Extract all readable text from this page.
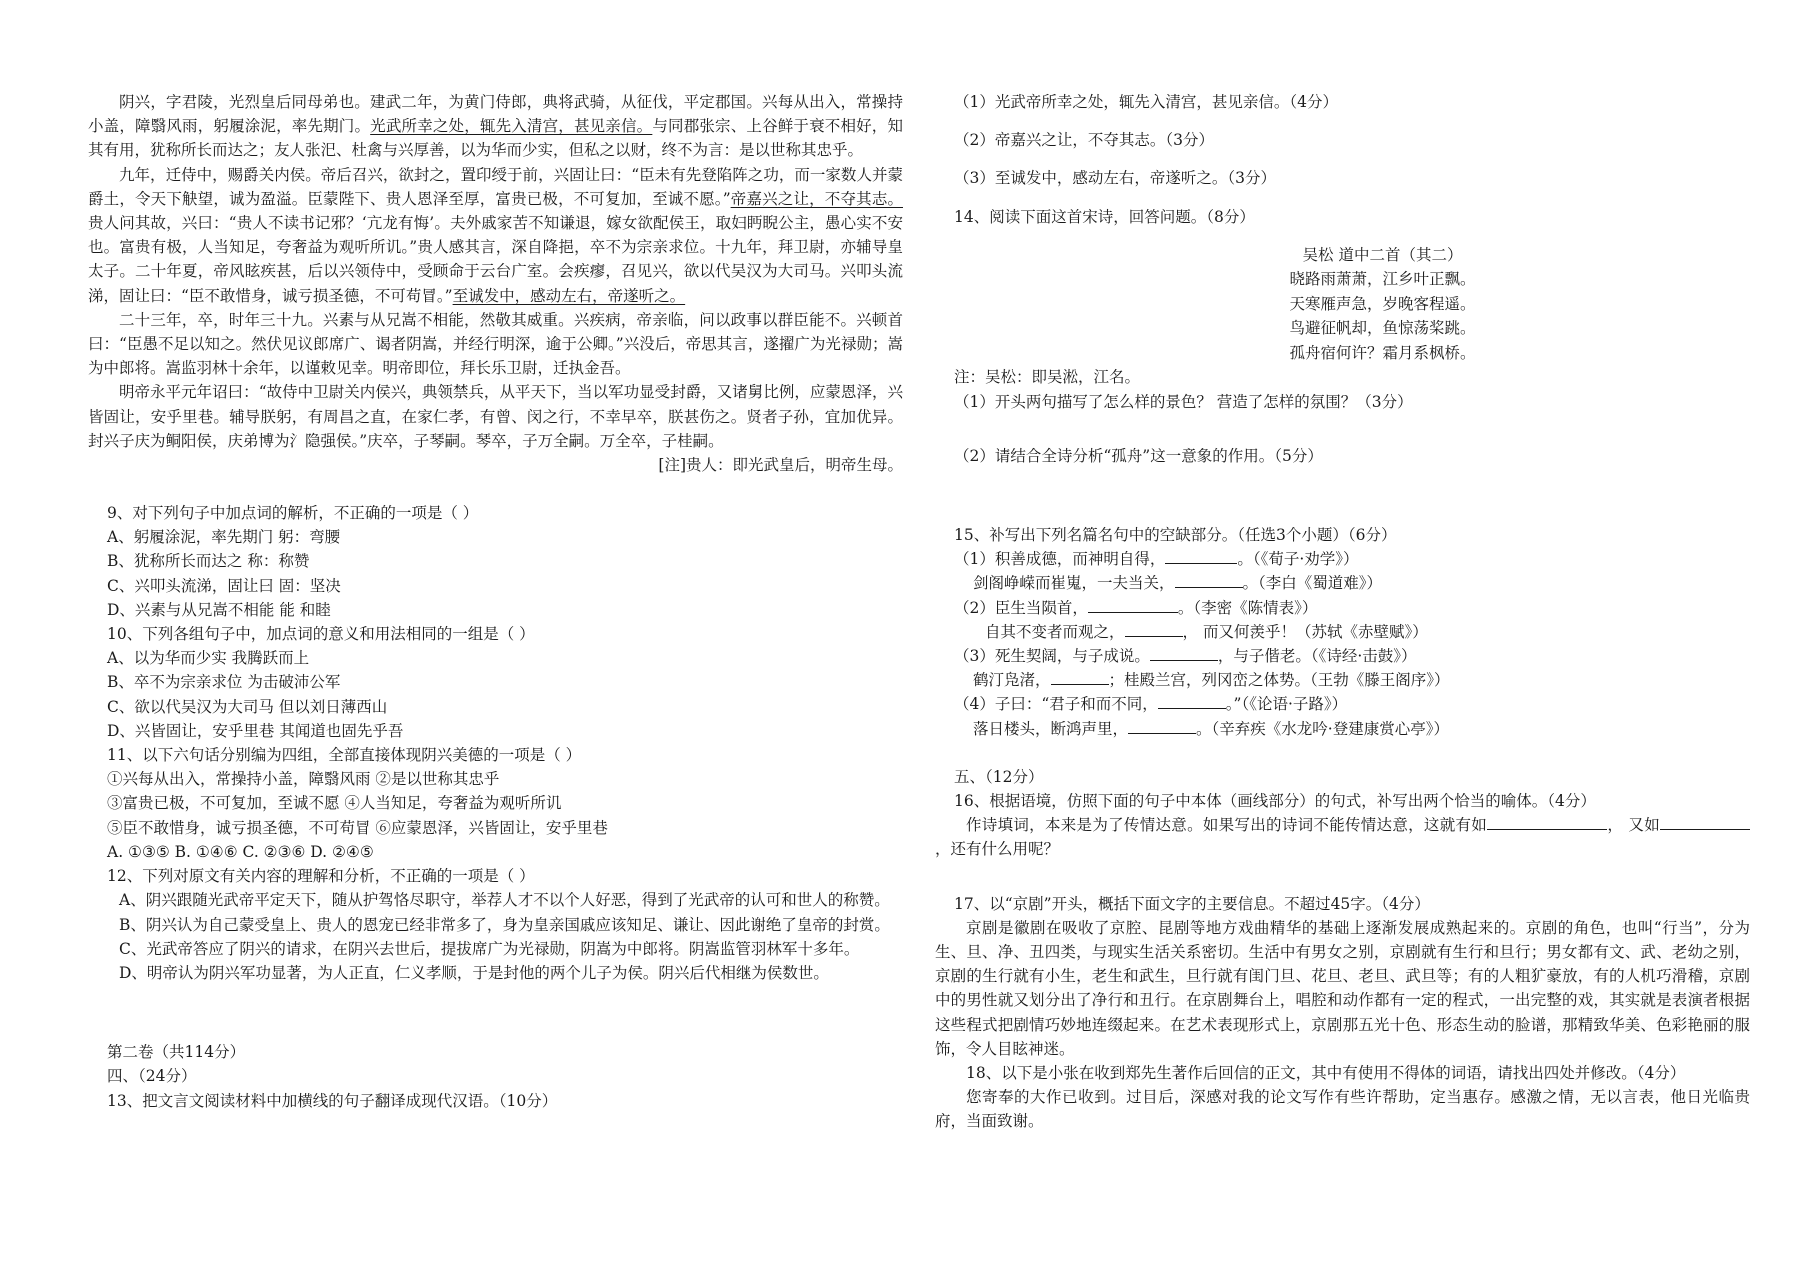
阴兴，字君陵，光烈皇后同母弟也。建武二年，为黄门侍郎，典将武骑，从征伐，平定郡国。兴每从出入，常操持小盖，障翳风雨，躬履涂泥，率先期门。光武所幸之处，辄先入清宫，甚见亲信。与同郡张宗、上谷鲜于衰不相好，知其有用，犹称所长而达之；友人张汜、杜禽与兴厚善，以为华而少实，但私之以财，终不为言：是以世称其忠乎。

九年，迁侍中，赐爵关内侯。帝后召兴，欲封之，置印绶于前，兴固让曰：“臣未有先登陷阵之功，而一家数人并蒙爵土，令天下觖望，诚为盈溢。臣蒙陛下、贵人恩泽至厚，富贵已极，不可复加，至诚不愿。”帝嘉兴之让，不夺其志。贵人问其故，兴曰：“贵人不读书记邪？‘亢龙有悔’。夫外戚家苦不知谦退，嫁女欲配侯王，取妇眄睨公主，愚心实不安也。富贵有极，人当知足，夸奢益为观听所讥。”贵人感其言，深自降挹，卒不为宗亲求位。十九年，拜卫尉，亦辅导皇太子。二十年夏，帝风眩疾甚，后以兴领侍中，受顾命于云台广室。会疾瘳，召见兴，欲以代吴汉为大司马。兴叩头流涕，固让曰：“臣不敢惜身，诚亏损圣德，不可苟冒。”至诚发中，感动左右，帝遂听之。

二十三年，卒，时年三十九。兴素与从兄嵩不相能，然敬其威重。兴疾病，帝亲临，问以政事以群臣能不。兴顿首曰：“臣愚不足以知之。然伏见议郎席广、谒者阴嵩，并经行明深，逾于公卿。”兴没后，帝思其言，遂擢广为光禄勋；嵩为中郎将。嵩监羽林十余年，以谨敕见幸。明帝即位，拜长乐卫尉，迁执金吾。

明帝永平元年诏曰：“故侍中卫尉关内侯兴，典领禁兵，从平天下，当以军功显受封爵，又诸舅比例，应蒙恩泽，兴皆固让，安乎里巷。辅导朕躬，有周昌之直，在家仁孝，有曾、闵之行，不幸早卒，朕甚伤之。贤者子孙，宜加优异。封兴子庆为鲖阳侯，庆弟博为氵隐强侯。”庆卒，子琴嗣。琴卒，子万全嗣。万全卒，子桂嗣。

[注]贵人：即光武皇后，明帝生母。

9、对下列句子中加点词的解析，不正确的一项是（ ）

A、躬履涂泥，率先期门 躬：弯腰

B、犹称所长而达之 称：称赞

C、兴叩头流涕，固让曰 固：坚决

D、兴素与从兄嵩不相能 能 和睦

10、下列各组句子中，加点词的意义和用法相同的一组是（ ）

A、以为华而少实 我腾跃而上

B、卒不为宗亲求位 为击破沛公军

C、欲以代吴汉为大司马 但以刘日薄西山

D、兴皆固让，安乎里巷 其闻道也固先乎吾

11、以下六句话分别编为四组，全部直接体现阴兴美德的一项是（ ）

①兴每从出入，常操持小盖，障翳风雨 ②是以世称其忠乎

③富贵已极，不可复加，至诚不愿 ④人当知足，夸奢益为观听所讥

⑤臣不敢惜身，诚亏损圣德，不可苟冒 ⑥应蒙恩泽，兴皆固让，安乎里巷

A. ①③⑤ B. ①④⑥ C. ②③⑥ D. ②④⑤

12、下列对原文有关内容的理解和分析，不正确的一项是（ ）

A、阴兴跟随光武帝平定天下，随从护驾恪尽职守，举荐人才不以个人好恶，得到了光武帝的认可和世人的称赞。

B、阴兴认为自己蒙受皇上、贵人的恩宠已经非常多了，身为皇亲国戚应该知足、谦让、因此谢绝了皇帝的封赏。

C、光武帝答应了阴兴的请求，在阴兴去世后，提拔席广为光禄勋，阴嵩为中郎将。阴嵩监管羽林军十多年。

D、明帝认为阴兴军功显著，为人正直，仁义孝顺，于是封他的两个儿子为侯。阴兴后代相继为侯数世。

第二卷（共114分）

四、（24分）

13、把文言文阅读材料中加横线的句子翻译成现代汉语。（10分）

（1）光武帝所幸之处，辄先入清宫，甚见亲信。（4分）

（2）帝嘉兴之让，不夺其志。（3分）

（3）至诚发中，感动左右，帝遂听之。（3分）

14、阅读下面这首宋诗，回答问题。（8分）

吴松 道中二首（其二）

晓路雨萧萧，江乡叶正飘。

天寒雁声急，岁晚客程遥。

鸟避征帆却，鱼惊荡桨跳。

孤舟宿何许？霜月系枫桥。

注：吴松：即吴淞，江名。

（1）开头两句描写了怎么样的景色？ 营造了怎样的氛围？（3分）

（2）请结合全诗分析“孤舟”这一意象的作用。（5分）

15、补写出下列名篇名句中的空缺部分。（任选3个小题）（6分）

（1）积善成德，而神明自得，	。（《荀子·劝学》）

剑阁峥嵘而崔嵬，一夫当关，	。（李白《蜀道难》）

（2）臣生当陨首，	。（李密《陈情表》）

自其不变者而观之，	， 而又何羡乎！（苏轼《赤壁赋》）

（3）死生契阔，与子成说。	，与子偕老。（《诗经·击鼓》）

鹤汀凫渚，	；桂殿兰宫，列冈峦之体势。（王勃《滕王阁序》）

（4）子曰：“君子和而不同，	。”（《论语·子路》）

落日楼头，断鸿声里，	。（辛弃疾《水龙吟·登建康赏心亭》）

五、（12分）

16、根据语境，仿照下面的句子中本体（画线部分）的句式，补写出两个恰当的喻体。（4分）

作诗填词，本来是为了传情达意。如果写出的诗词不能传情达意，这就有如	， 又如，还有什么用呢？

17、以“京剧”开头，概括下面文字的主要信息。不超过45字。（4分）

京剧是徽剧在吸收了京腔、昆剧等地方戏曲精华的基础上逐渐发展成熟起来的。京剧的角色，也叫“行当”，分为生、旦、净、丑四类，与现实生活关系密切。生活中有男女之别，京剧就有生行和旦行；男女都有文、武、老幼之别，京剧的生行就有小生，老生和武生，旦行就有闺门旦、花旦、老旦、武旦等；有的人粗犷豪放，有的人机巧滑稽，京剧中的男性就又划分出了净行和丑行。在京剧舞台上，唱腔和动作都有一定的程式，一出完整的戏，其实就是表演者根据这些程式把剧情巧妙地连缀起来。在艺术表现形式上，京剧那五光十色、形态生动的脸谱，那精致华美、色彩艳丽的服饰，令人目眩神迷。

18、以下是小张在收到郑先生著作后回信的正文，其中有使用不得体的词语，请找出四处并修改。（4分）

您寄奉的大作已收到。过目后，深感对我的论文写作有些许帮助，定当惠存。感激之情，无以言表，他日光临贵府，当面致谢。
